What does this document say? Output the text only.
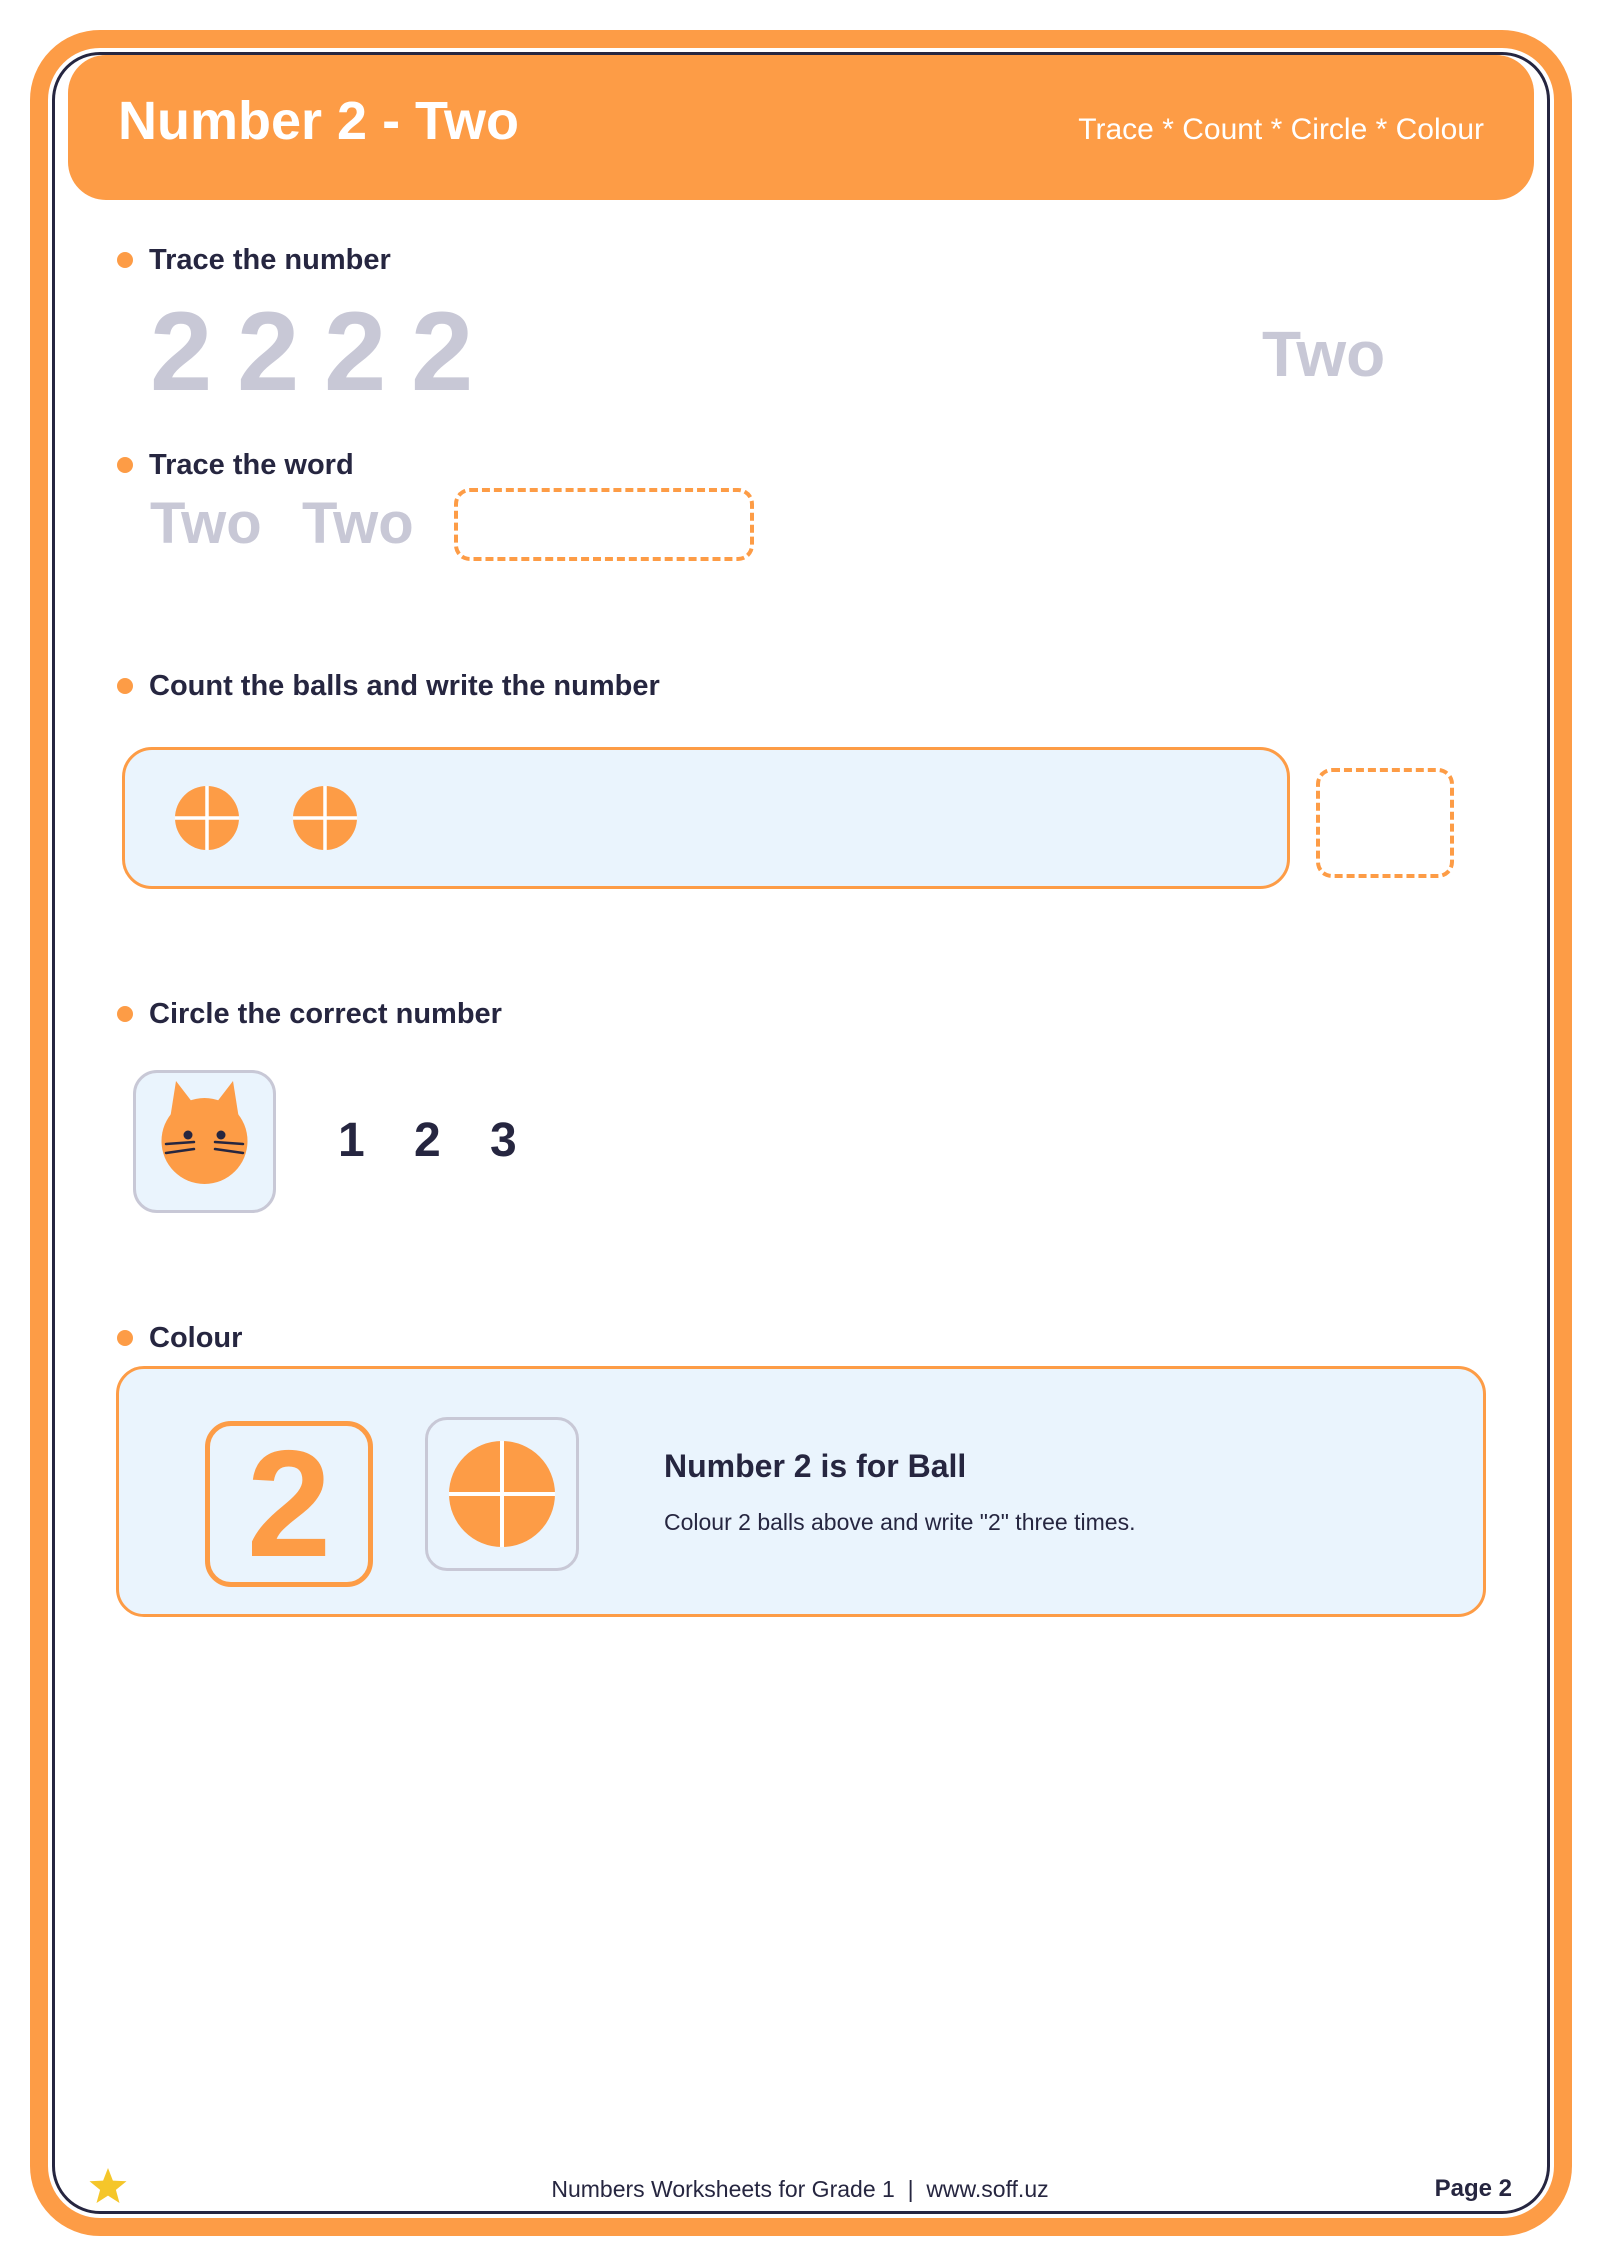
Number 2 - Two	Trace * Count * Circle * Colour
Trace the number
2 2 2 2	Two
Trace the word
Two Two
Count the balls and write the number
Circle the correct number
1 2 3
Colour
2	Number 2 is for Ball
Colour 2 balls above and write "2" three times.
Numbers Worksheets for Grade 1  |  www.soff.uz	Page 2
